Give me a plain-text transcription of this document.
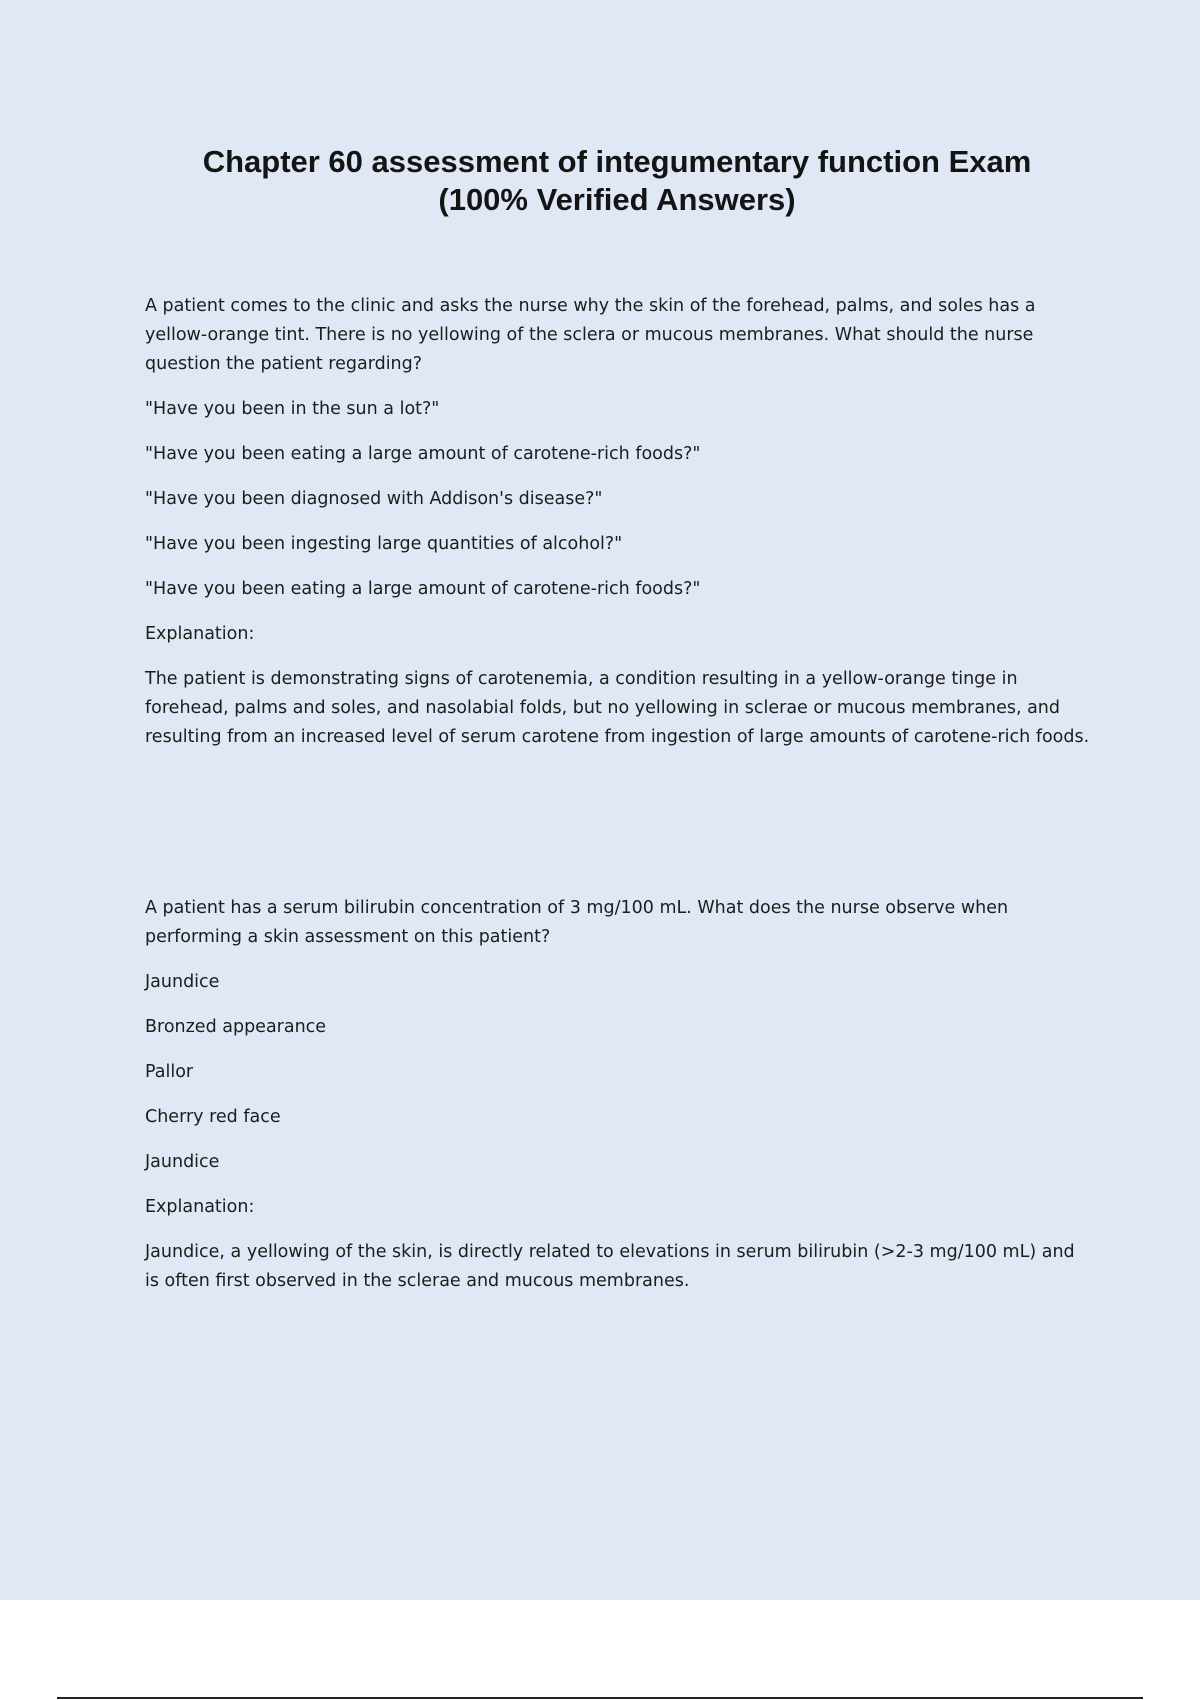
Chapter 60 assessment of integumentary function Exam
(100% Verified Answers)

A patient comes to the clinic and asks the nurse why the skin of the forehead, palms, and soles has a yellow-orange tint. There is no yellowing of the sclera or mucous membranes. What should the nurse question the patient regarding?

"Have you been in the sun a lot?"

"Have you been eating a large amount of carotene-rich foods?"

"Have you been diagnosed with Addison's disease?"

"Have you been ingesting large quantities of alcohol?"

"Have you been eating a large amount of carotene-rich foods?"

Explanation:

The patient is demonstrating signs of carotenemia, a condition resulting in a yellow-orange tinge in forehead, palms and soles, and nasolabial folds, but no yellowing in sclerae or mucous membranes, and resulting from an increased level of serum carotene from ingestion of large amounts of carotene-rich foods.

A patient has a serum bilirubin concentration of 3 mg/100 mL. What does the nurse observe when performing a skin assessment on this patient?

Jaundice

Bronzed appearance

Pallor

Cherry red face

Jaundice

Explanation:

Jaundice, a yellowing of the skin, is directly related to elevations in serum bilirubin (>2-3 mg/100 mL) and is often first observed in the sclerae and mucous membranes.
